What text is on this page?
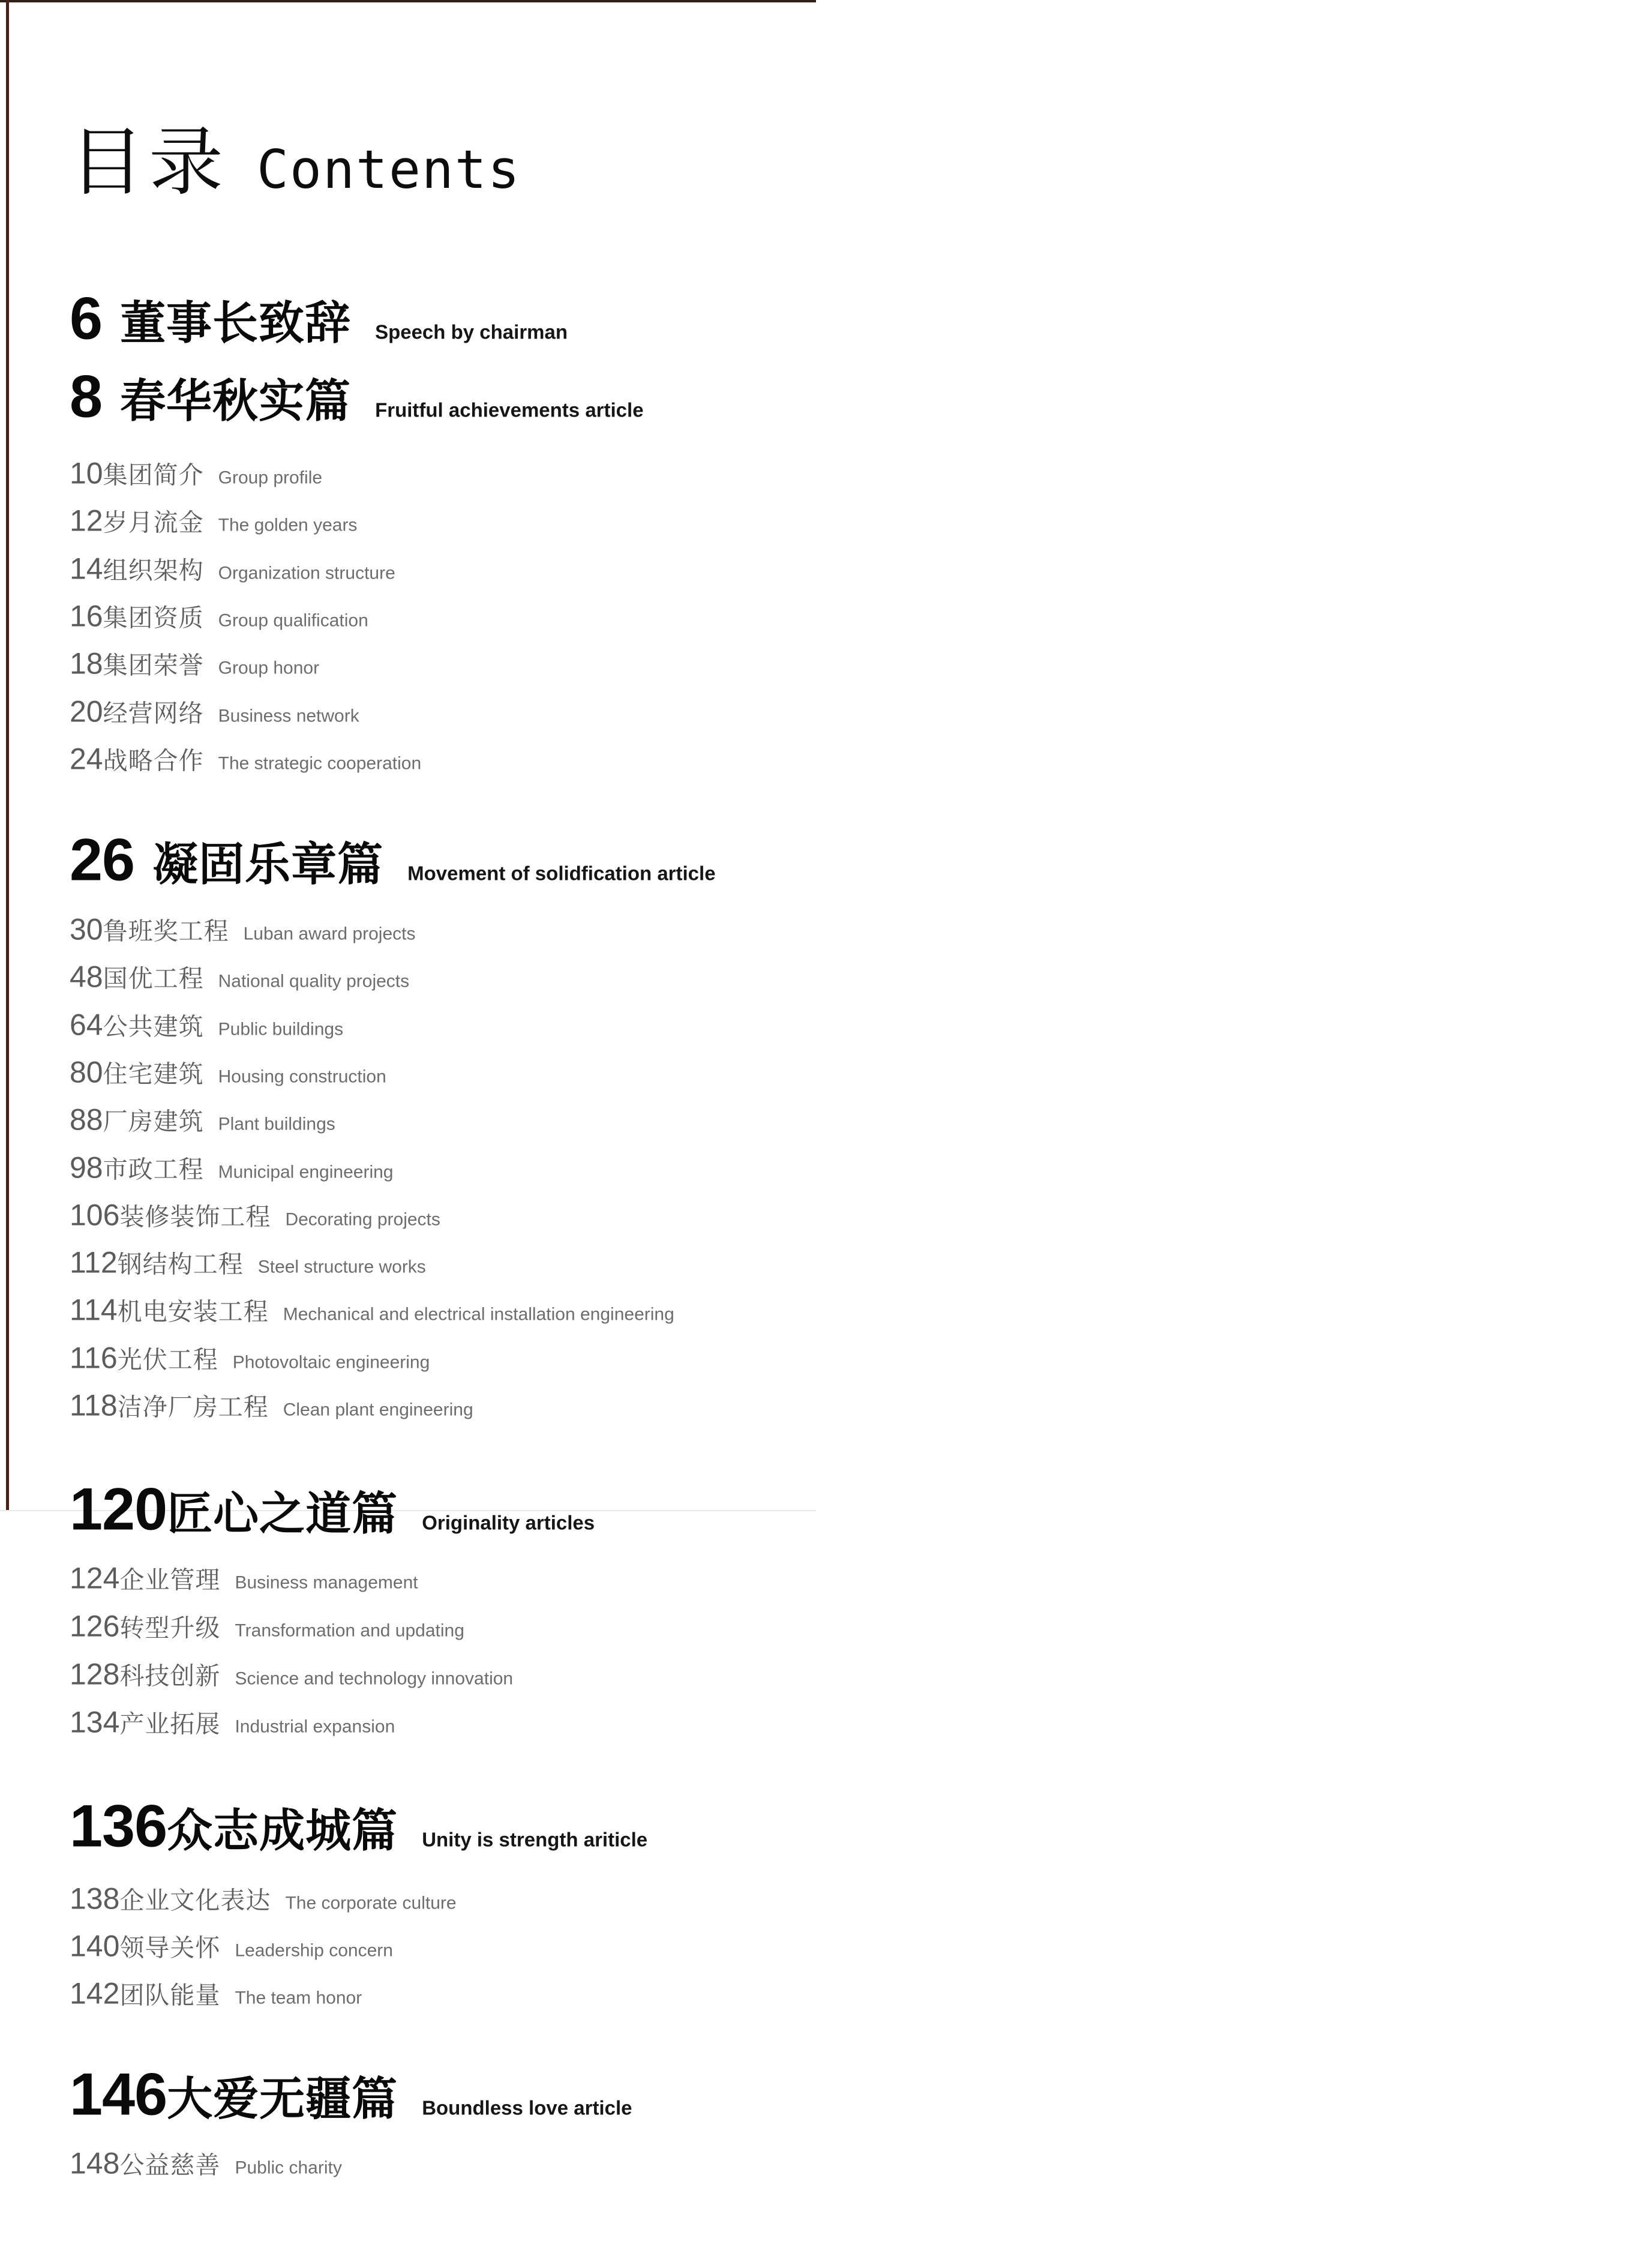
目录 Contents
6 董事长致辞 Speech by chairman
8 春华秋实篇 Fruitful achievements article
10 集团简介 Group profile
12 岁月流金 The golden years
14 组织架构 Organization structure
16 集团资质 Group qualification
18 集团荣誉 Group honor
20 经营网络 Business network
24 战略合作 The strategic cooperation
26 凝固乐章篇 Movement of solidfication article
30 鲁班奖工程 Luban award projects
48 国优工程 National quality projects
64 公共建筑 Public buildings
80 住宅建筑 Housing construction
88 厂房建筑 Plant buildings
98 市政工程 Municipal engineering
106 装修装饰工程 Decorating projects
112 钢结构工程 Steel structure works
114 机电安装工程 Mechanical and electrical installation engineering
116 光伏工程 Photovoltaic engineering
118 洁净厂房工程 Clean plant engineering
120 匠心之道篇 Originality articles
124 企业管理 Business management
126 转型升级 Transformation and updating
128 科技创新 Science and technology innovation
134 产业拓展 Industrial expansion
136 众志成城篇 Unity is strength ariticle
138 企业文化表达 The corporate culture
140 领导关怀 Leadership concern
142 团队能量 The team honor
146 大爱无疆篇 Boundless love article
148 公益慈善 Public charity
